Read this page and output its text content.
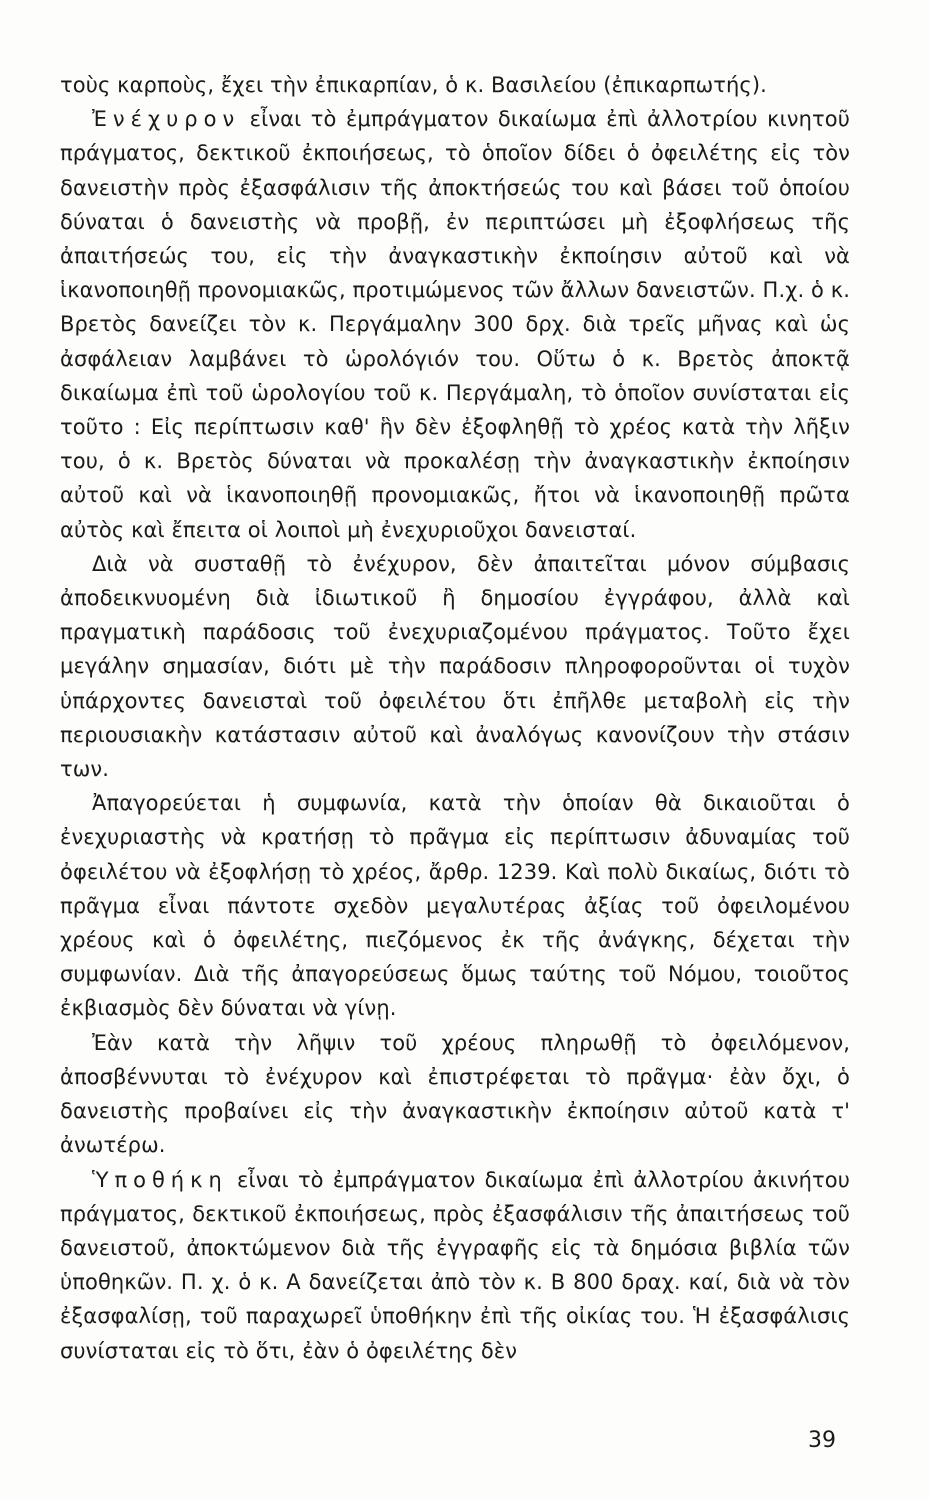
τοὺς καρποὺς, ἔχει τὴν ἐπικαρπίαν, ὁ κ. Βασιλείου (ἐπικαρπωτής).

Ἐνέχυρον εἶναι τὸ ἐμπράγματον δικαίωμα ἐπὶ ἀλλοτρίου κινητοῦ πράγματος, δεκτικοῦ ἐκποιήσεως, τὸ ὁποῖον δίδει ὁ ὀφειλέτης εἰς τὸν δανειστὴν πρὸς ἐξασφάλισιν τῆς ἀποκτήσεώς του καὶ βάσει τοῦ ὁποίου δύναται ὁ δανειστὴς νὰ προβῇ, ἐν περιπτώσει μὴ ἐξοφλήσεως τῆς ἀπαιτήσεώς του, εἰς τὴν ἀναγκαστικὴν ἐκποίησιν αὐτοῦ καὶ νὰ ἱκανοποιηθῇ προνομιακῶς, προτιμώμενος τῶν ἄλλων δανειστῶν. Π.χ. ὁ κ. Βρετὸς δανείζει τὸν κ. Περγάμαλην 300 δρχ. διὰ τρεῖς μῆνας καὶ ὡς ἀσφάλειαν λαμβάνει τὸ ὡρολόγιόν του. Οὕτω ὁ κ. Βρετὸς ἀποκτᾷ δικαίωμα ἐπὶ τοῦ ὡρολογίου τοῦ κ. Περγάμαλη, τὸ ὁποῖον συνίσταται εἰς τοῦτο : Εἰς περίπτωσιν καθ' ἣν δὲν ἐξοφληθῇ τὸ χρέος κατὰ τὴν λῆξιν του, ὁ κ. Βρετὸς δύναται νὰ προκαλέσῃ τὴν ἀναγκαστικὴν ἐκποίησιν αὐτοῦ καὶ νὰ ἱκανοποιηθῇ προνομιακῶς, ἤτοι νὰ ἱκανοποιηθῇ πρῶτα αὐτὸς καὶ ἔπειτα οἱ λοιποὶ μὴ ἐνεχυριοῦχοι δανεισταί.

Διὰ νὰ συσταθῇ τὸ ἐνέχυρον, δὲν ἀπαιτεῖται μόνον σύμβασις ἀποδεικνυομένη διὰ ἰδιωτικοῦ ἢ δημοσίου ἐγγράφου, ἀλλὰ καὶ πραγματικὴ παράδοσις τοῦ ἐνεχυριαζομένου πράγματος. Τοῦτο ἔχει μεγάλην σημασίαν, διότι μὲ τὴν παράδοσιν πληροφοροῦνται οἱ τυχὸν ὑπάρχοντες δανεισταὶ τοῦ ὀφειλέτου ὅτι ἐπῆλθε μεταβολὴ εἰς τὴν περιουσιακὴν κατάστασιν αὐτοῦ καὶ ἀναλόγως κανονίζουν τὴν στάσιν των.

Ἀπαγορεύεται ἡ συμφωνία, κατὰ τὴν ὁποίαν θὰ δικαιοῦται ὁ ἐνεχυριαστὴς νὰ κρατήσῃ τὸ πρᾶγμα εἰς περίπτωσιν ἀδυναμίας τοῦ ὀφειλέτου νὰ ἐξοφλήσῃ τὸ χρέος, ἄρθρ. 1239. Καὶ πολὺ δικαίως, διότι τὸ πρᾶγμα εἶναι πάντοτε σχεδὸν μεγαλυτέρας ἀξίας τοῦ ὀφειλομένου χρέους καὶ ὁ ὀφειλέτης, πιεζόμενος ἐκ τῆς ἀνάγκης, δέχεται τὴν συμφωνίαν. Διὰ τῆς ἀπαγορεύσεως ὅμως ταύτης τοῦ Νόμου, τοιοῦτος ἐκβιασμὸς δὲν δύναται νὰ γίνῃ.

Ἐὰν κατὰ τὴν λῆψιν τοῦ χρέους πληρωθῇ τὸ ὀφειλόμενον, ἀποσβέννυται τὸ ἐνέχυρον καὶ ἐπιστρέφεται τὸ πρᾶγμα· ἐὰν ὄχι, ὁ δανειστὴς προβαίνει εἰς τὴν ἀναγκαστικὴν ἐκποίησιν αὐτοῦ κατὰ τ' ἀνωτέρω.

Ὑποθήκη εἶναι τὸ ἐμπράγματον δικαίωμα ἐπὶ ἀλλοτρίου ἀκινήτου πράγματος, δεκτικοῦ ἐκποιήσεως, πρὸς ἐξασφάλισιν τῆς ἀπαιτήσεως τοῦ δανειστοῦ, ἀποκτώμενον διὰ τῆς ἐγγραφῆς εἰς τὰ δημόσια βιβλία τῶν ὑποθηκῶν. Π. χ. ὁ κ. Α δανείζεται ἀπὸ τὸν κ. Β 800 δραχ. καί, διὰ νὰ τὸν ἐξασφαλίσῃ, τοῦ παραχωρεῖ ὑποθήκην ἐπὶ τῆς οἰκίας του. Ἡ ἐξασφάλισις συνίσταται εἰς τὸ ὅτι, ἐὰν ὁ ὀφειλέτης δὲν

39
